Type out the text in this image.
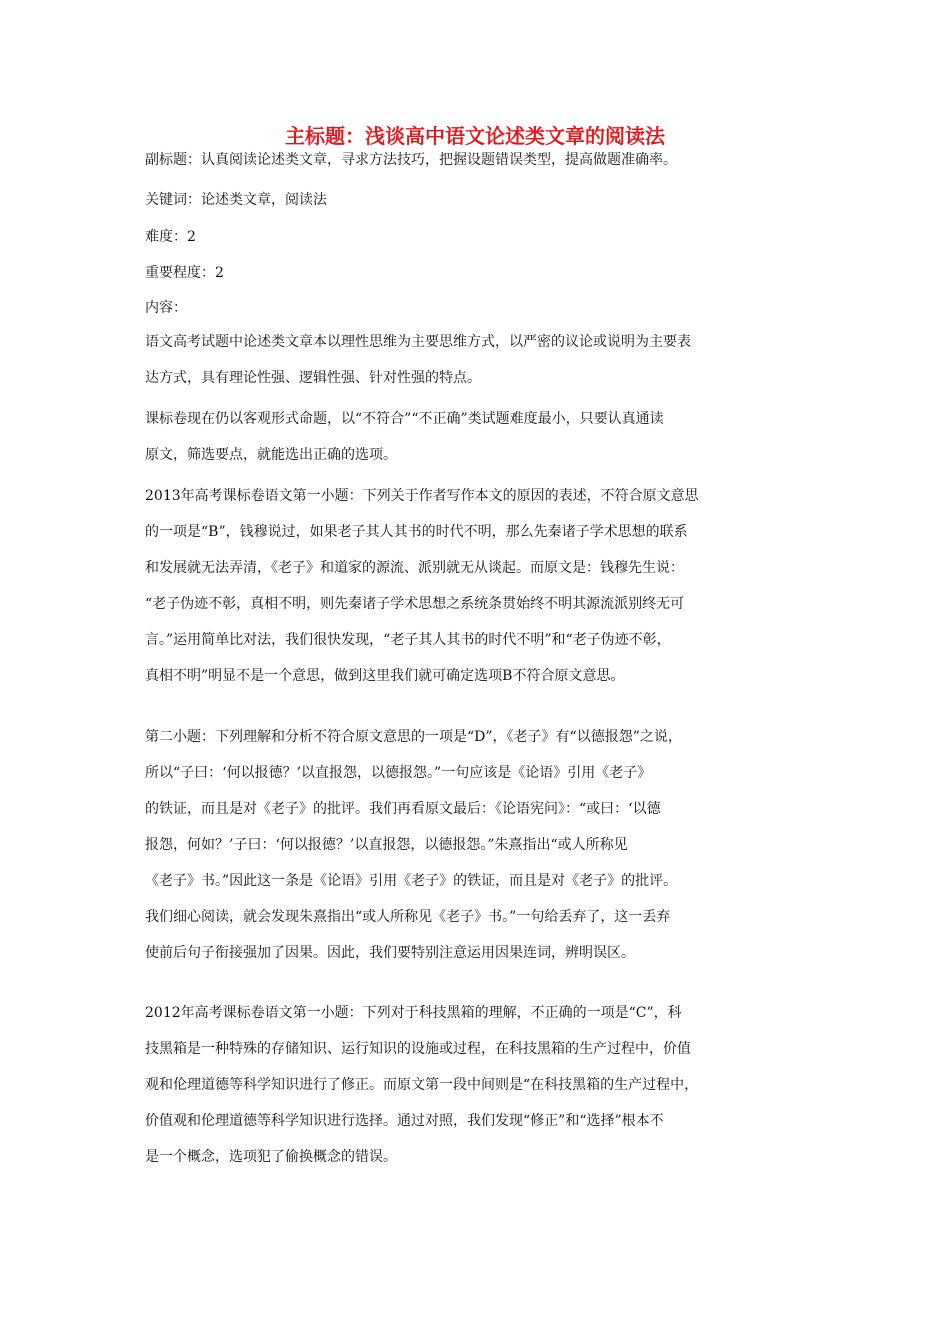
主标题：浅谈高中语文论述类文章的阅读法
副标题：认真阅读论述类文章，寻求方法技巧，把握设题错误类型，提高做题准确率。
关键词：论述类文章，阅读法
难度：2
重要程度：2
内容：
语文高考试题中论述类文章本以理性思维为主要思维方式，以严密的议论或说明为主要表
达方式，具有理论性强、逻辑性强、针对性强的特点。
课标卷现在仍以客观形式命题，以“不符合”“不正确”类试题难度最小，只要认真通读
原文，筛选要点，就能选出正确的选项。
2013年高考课标卷语文第一小题：下列关于作者写作本文的原因的表述，不符合原文意思
的一项是“B”，钱穆说过，如果老子其人其书的时代不明，那么先秦诸子学术思想的联系
和发展就无法弄清，《老子》和道家的源流、派别就无从谈起。而原文是：钱穆先生说：
“老子伪迹不彰，真相不明，则先秦诸子学术思想之系统条贯始终不明其源流派别终无可
言。”运用简单比对法，我们很快发现，“老子其人其书的时代不明”和“老子伪迹不彰，
真相不明”明显不是一个意思，做到这里我们就可确定选项B不符合原文意思。
第二小题：下列理解和分析不符合原文意思的一项是“D”，《老子》有“以德报怨”之说，
所以“子曰：‘何以报德？’以直报怨，以德报怨。”一句应该是《论语》引用《老子》
的铁证，而且是对《老子》的批评。我们再看原文最后：《论语宪问》：“或曰：‘以德
报怨，何如？’子曰：‘何以报德？’以直报怨，以德报怨。”朱熹指出“或人所称见
《老子》书。”因此这一条是《论语》引用《老子》的铁证，而且是对《老子》的批评。
我们细心阅读，就会发现朱熹指出“或人所称见《老子》书。”一句给丢弃了，这一丢弃
使前后句子衔接强加了因果。因此，我们要特别注意运用因果连词，辨明误区。
2012年高考课标卷语文第一小题：下列对于科技黑箱的理解，不正确的一项是“C”，科
技黑箱是一种特殊的存储知识、运行知识的设施或过程，在科技黑箱的生产过程中，价值
观和伦理道德等科学知识进行了修正。而原文第一段中间则是“在科技黑箱的生产过程中，
价值观和伦理道德等科学知识进行选择。通过对照，我们发现“修正”和“选择”根本不
是一个概念，选项犯了偷换概念的错误。
